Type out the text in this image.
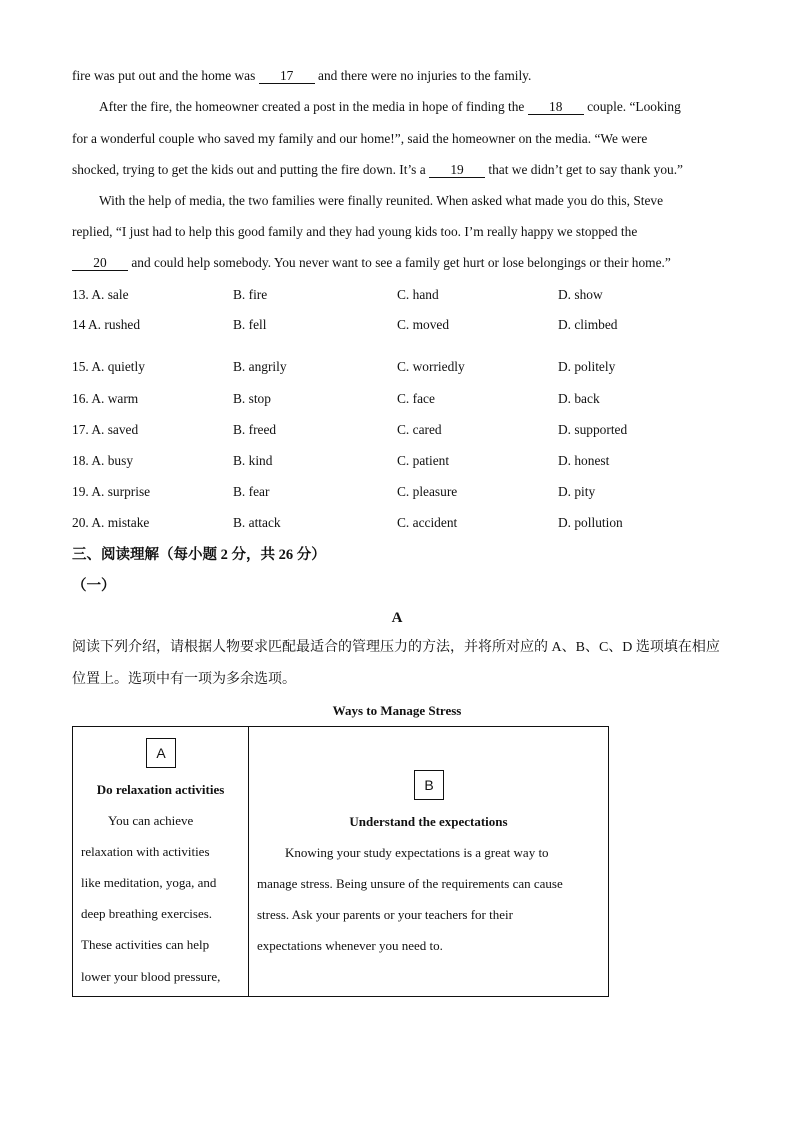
fire was put out and the home was 17 and there were no injuries to the family.
After the fire, the homeowner created a post in the media in hope of finding the 18 couple. “Looking
for a wonderful couple who saved my family and our home!”, said the homeowner on the media. “We were
shocked, trying to get the kids out and putting the fire down. It’s a 19 that we didn’t get to say thank you.”
With the help of media, the two families were finally reunited. When asked what made you do this, Steve
replied, “I just had to help this good family and they had young kids too. I’m really happy we stopped the
20 and could help somebody. You never want to see a family get hurt or lose belongings or their home.”
13. A. sale	B. fire	C. hand	D. show
14 A. rushed	B. fell	C. moved	D. climbed
15. A. quietly	B. angrily	C. worriedly	D. politely
16. A. warm	B. stop	C. face	D. back
17. A. saved	B. freed	C. cared	D. supported
18. A. busy	B. kind	C. patient	D. honest
19. A. surprise	B. fear	C. pleasure	D. pity
20. A. mistake	B. attack	C. accident	D. pollution
三、阅读理解（每小题 2 分，共 26 分）
（一）
A
阅读下列介绍，请根据人物要求匹配最适合的管理压力的方法，并将所对应的 A、B、C、D 选项填在相应
位置上。选项中有一项为多余选项。
Ways to Manage Stress
A
Do relaxation activities
You can achieve
relaxation with activities
like meditation, yoga, and
deep breathing exercises.
These activities can help
lower your blood pressure,
B
Understand the expectations
Knowing your study expectations is a great way to
manage stress. Being unsure of the requirements can cause
stress. Ask your parents or your teachers for their
expectations whenever you need to.
